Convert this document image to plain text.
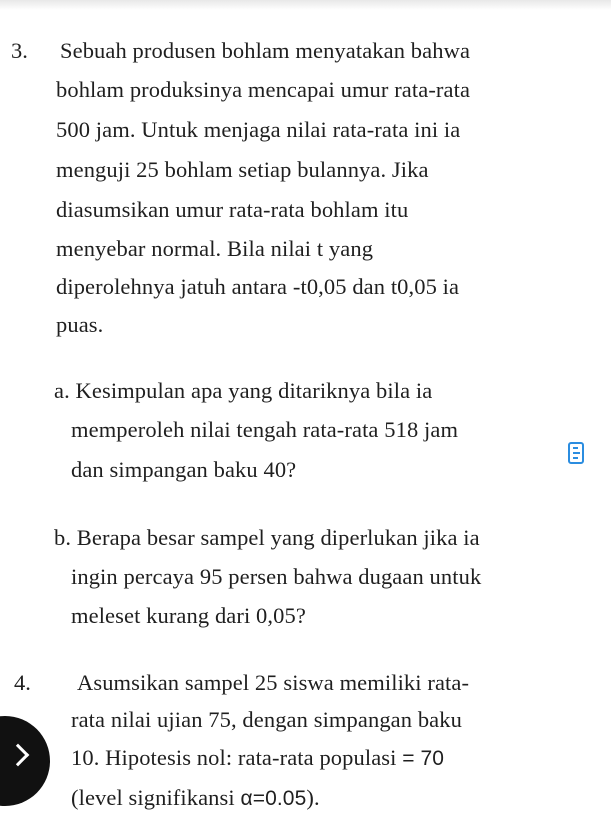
3. Sebuah produsen bohlam menyatakan bahwa
bohlam produksinya mencapai umur rata-rata
500 jam. Untuk menjaga nilai rata-rata ini ia
menguji 25 bohlam setiap bulannya. Jika
diasumsikan umur rata-rata bohlam itu
menyebar normal. Bila nilai t yang
diperolehnya jatuh antara -t0,05 dan t0,05 ia
puas.
a. Kesimpulan apa yang ditariknya bila ia
memperoleh nilai tengah rata-rata 518 jam
dan simpangan baku 40?
b. Berapa besar sampel yang diperlukan jika ia
ingin percaya 95 persen bahwa dugaan untuk
meleset kurang dari 0,05?
4. Asumsikan sampel 25 siswa memiliki rata-
rata nilai ujian 75, dengan simpangan baku
10. Hipotesis nol: rata-rata populasi = 70
(level signifikansi α=0.05).
